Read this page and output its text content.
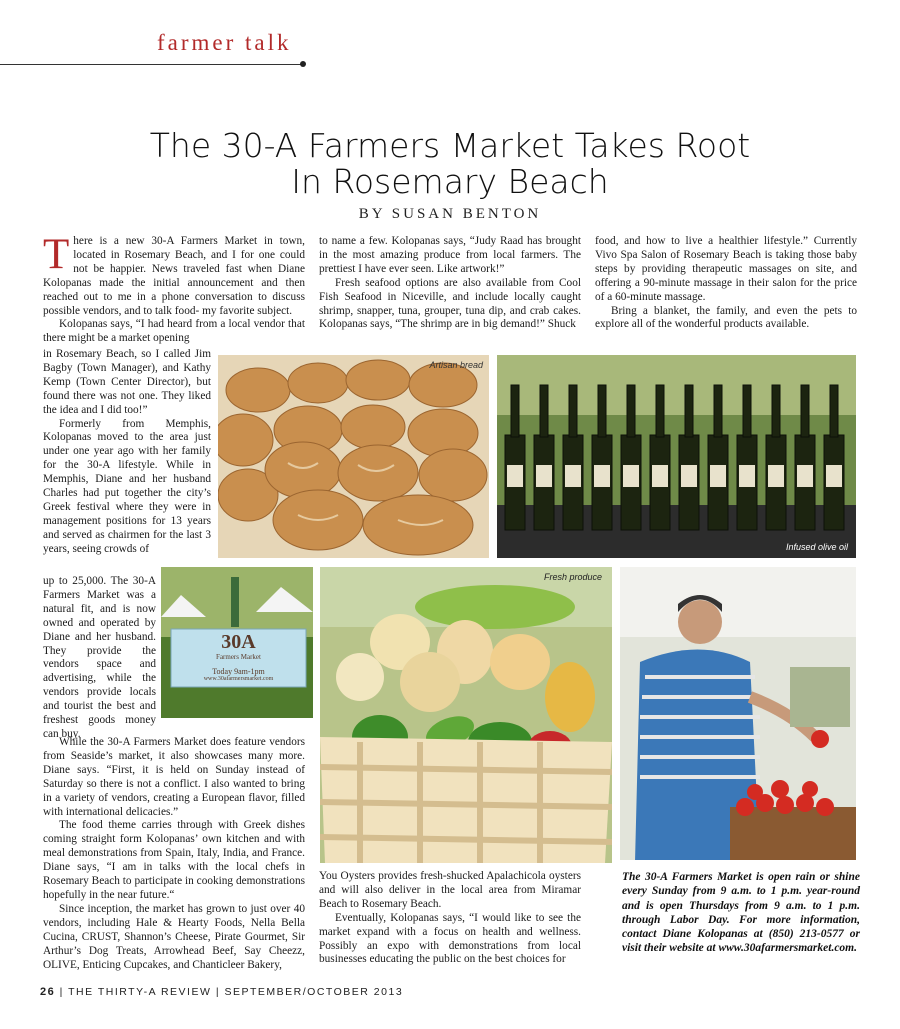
farmer talk
The 30-A Farmers Market Takes Root
In Rosemary Beach
BY SUSAN BENTON

There is a new 30-A Farmers Market in town, located in Rosemary Beach, and I for one could not be happier. News traveled fast when Diane Kolopanas made the initial announcement and then reached out to me in a phone conversation to discuss possible vendors, and to talk food- my favorite subject.

Kolopanas says, “I had heard from a local vendor that there might be a market opening

in Rosemary Beach, so I called Jim Bagby (Town Manager), and Kathy Kemp (Town Center Director), but found there was not one. They liked the idea and I did too!”

Formerly from Memphis, Kolopanas moved to the area just under one year ago with her family for the 30-A lifestyle. While in Memphis, Diane and her husband Charles had put together the city’s Greek festival where they were in management positions for 13 years and served as chairmen for the last 3 years, seeing crowds of

up to 25,000. The 30-A Farmers Market was a natural fit, and is now owned and operated by Diane and her husband. They provide the vendors space and advertising, while the vendors provide locals and tourist the best and freshest goods money can buy.

While the 30-A Farmers Market does feature vendors from Seaside’s market, it also showcases many more. Diane says. “First, it is held on Sunday instead of Saturday so there is not a conflict. I also wanted to bring in a variety of vendors, creating a European flavor, filled with international delicacies.”

The food theme carries through with Greek dishes coming straight form Kolopanas’ own kitchen and with meal demonstrations from Spain, Italy, India, and France. Diane says, “I am in talks with the local chefs in Rosemary Beach to participate in cooking demonstrations hopefully in the near future.“

Since inception, the market has grown to just over 40 vendors, including Hale & Hearty Foods, Nella Bella Cucina, CRUST, Shannon’s Cheese, Pirate Gourmet, Sir Arthur’s Dog Treats, Arrowhead Beef, Say Cheezz, OLIVE, Enticing Cupcakes, and Chanticleer Bakery,

to name a few. Kolopanas says, “Judy Raad has brought in the most amazing produce from local farmers. The prettiest I have ever seen. Like artwork!”

Fresh seafood options are also available from Cool Fish Seafood in Niceville, and include locally caught shrimp, snapper, tuna, grouper, tuna dip, and crab cakes. Kolopanas says, “The shrimp are in big demand!” Shuck

You Oysters provides fresh-shucked Apalachicola oysters and will also deliver in the local area from Miramar Beach to Rosemary Beach.

Eventually, Kolopanas says, “I would like to see the market expand with a focus on health and wellness. Possibly an expo with demonstrations from local businesses educating the public on the best choices for

food, and how to live a healthier lifestyle.” Currently Vivo Spa Salon of Rosemary Beach is taking those baby steps by providing therapeutic massages on site, and offering a 90-minute massage in their salon for the price of a 60-minute massage.

Bring a blanket, the family, and even the pets to explore all of the wonderful products available.

Artisan bread
Infused olive oil
30A
Farmers Market
Today 9am-1pm
www.30afarmersmarket.com
Fresh produce
The 30-A Farmers Market is open rain or shine every Sunday from 9 a.m. to 1 p.m. year-round and is open Thursdays from 9 a.m. to 1 p.m. through Labor Day. For more information, contact Diane Kolopanas at (850) 213-0577 or visit their website at www.30afarmersmarket.com.
26 | THE THIRTY-A REVIEW | SEPTEMBER/OCTOBER 2013
